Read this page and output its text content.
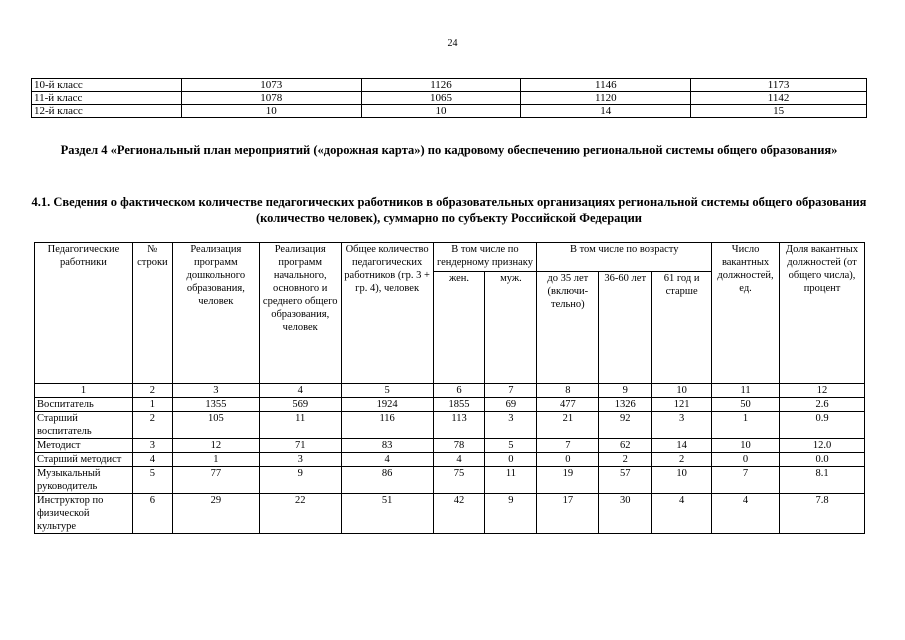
24
10-й класс	1073	1126	1146	1173
11-й класс	1078	1065	1120	1142
12-й класс	10	10	14	15
Раздел 4 «Региональный план мероприятий («дорожная карта») по кадровому обеспечению региональной системы общего образования»
4.1. Сведения о фактическом количестве педагогических работников в образовательных организациях региональной системы общего образования (количество человек), суммарно по субъекту Российской Федерации
Педагогические работники	№ строки	Реализация программ дошкольного образования, человек	Реализация программ начального, основного и среднего общего образования, человек	Общее количество педагогических работников (гр. 3 + гр. 4), человек	В том числе по гендерному признаку		В том числе по возрасту			Число вакантных должностей, ед.	Доля вакантных должностей (от общего числа), процент
					жен.	муж.	до 35 лет (включи-тельно)	36-60 лет	61 год и старше		
1	2	3	4	5	6	7	8	9	10	11	12
Воспитатель	1	1355	569	1924	1855	69	477	1326	121	50	2.6
Старший воспитатель	2	105	11	116	113	3	21	92	3	1	0.9
Методист	3	12	71	83	78	5	7	62	14	10	12.0
Старший методист	4	1	3	4	4	0	0	2	2	0	0.0
Музыкальный руководитель	5	77	9	86	75	11	19	57	10	7	8.1
Инструктор по физической культуре	6	29	22	51	42	9	17	30	4	4	7.8
